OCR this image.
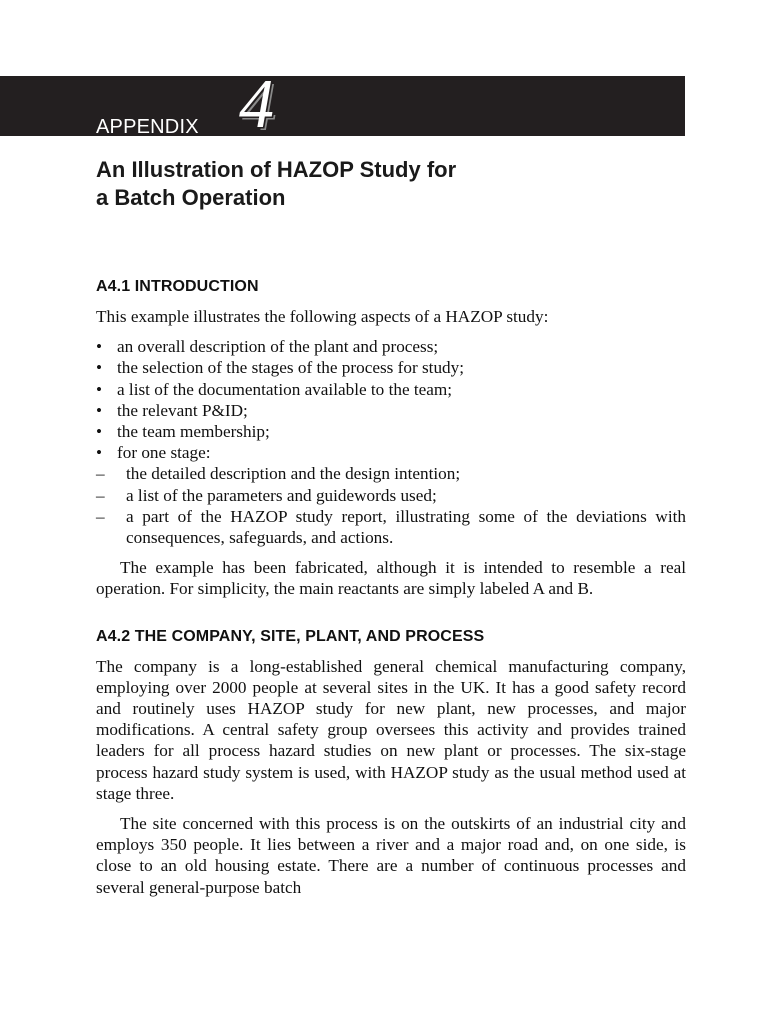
APPENDIX 4
An Illustration of HAZOP Study for
a Batch Operation
A4.1 INTRODUCTION

This example illustrates the following aspects of a HAZOP study:

• an overall description of the plant and process;
• the selection of the stages of the process for study;
• a list of the documentation available to the team;
• the relevant P&ID;
• the team membership;
• for one stage:
– the detailed description and the design intention;
– a list of the parameters and guidewords used;
– a part of the HAZOP study report, illustrating some of the deviations with consequences, safeguards, and actions.

The example has been fabricated, although it is intended to resemble a real operation. For simplicity, the main reactants are simply labeled A and B.

A4.2 THE COMPANY, SITE, PLANT, AND PROCESS

The company is a long-established general chemical manufacturing company, employing over 2000 people at several sites in the UK. It has a good safety record and routinely uses HAZOP study for new plant, new processes, and major modifications. A central safety group oversees this activity and provides trained leaders for all process hazard studies on new plant or processes. The six-stage process hazard study system is used, with HAZOP study as the usual method used at stage three.

The site concerned with this process is on the outskirts of an industrial city and employs 350 people. It lies between a river and a major road and, on one side, is close to an old housing estate. There are a number of continuous processes and several general-purpose batch
